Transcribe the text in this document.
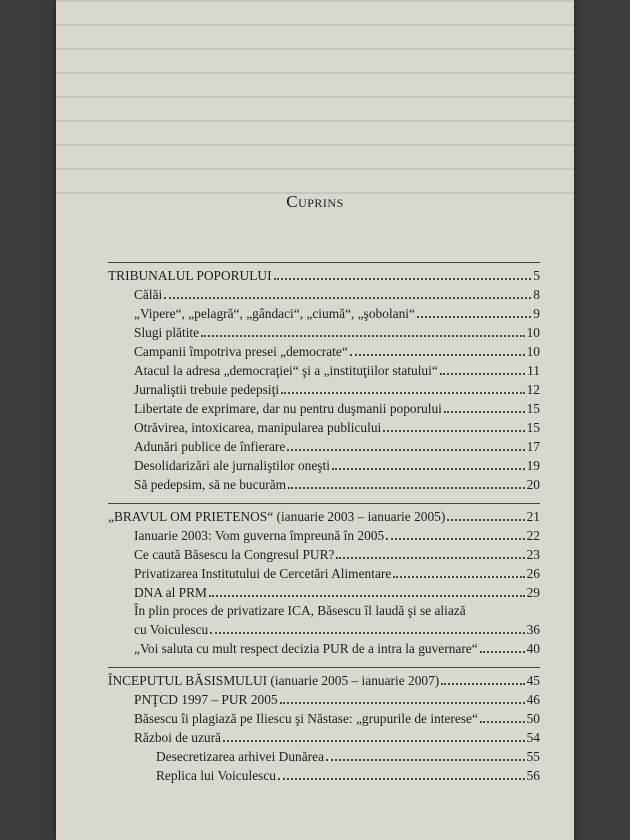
Cuprins
TRIBUNALUL POPORULUI	5
Călăi	8
„Vipere“, „pelagră“, „gândaci“, „ciumă“, „şobolani“	9
Slugi plătite	10
Campanii împotriva presei „democrate“	10
Atacul la adresa „democraţiei“ şi a „instituţiilor statului“	11
Jurnaliştii trebuie pedepsiţi	12
Libertate de exprimare, dar nu pentru duşmanii poporului	15
Otrăvirea, intoxicarea, manipularea publicului	15
Adunări publice de înfierare	17
Desolidarizări ale jurnaliştilor oneşti	19
Să pedepsim, să ne bucurăm	20
„BRAVUL OM PRIETENOS“ (ianuarie 2003 – ianuarie 2005)	21
Ianuarie 2003: Vom guverna împreună în 2005	22
Ce caută Băsescu la Congresul PUR?	23
Privatizarea Institutului de Cercetări Alimentare	26
DNA al PRM	29
În plin proces de privatizare ICA, Băsescu îl laudă şi se aliază
cu Voiculescu	36
„Voi saluta cu mult respect decizia PUR de a intra la guvernare“	40
ÎNCEPUTUL BĂSISMULUI (ianuarie 2005 – ianuarie 2007)	45
PNŢCD 1997 – PUR 2005	46
Băsescu îi plagiază pe Iliescu şi Năstase: „grupurile de interese“	50
Război de uzură	54
Desecretizarea arhivei Dunărea	55
Replica lui Voiculescu	56
